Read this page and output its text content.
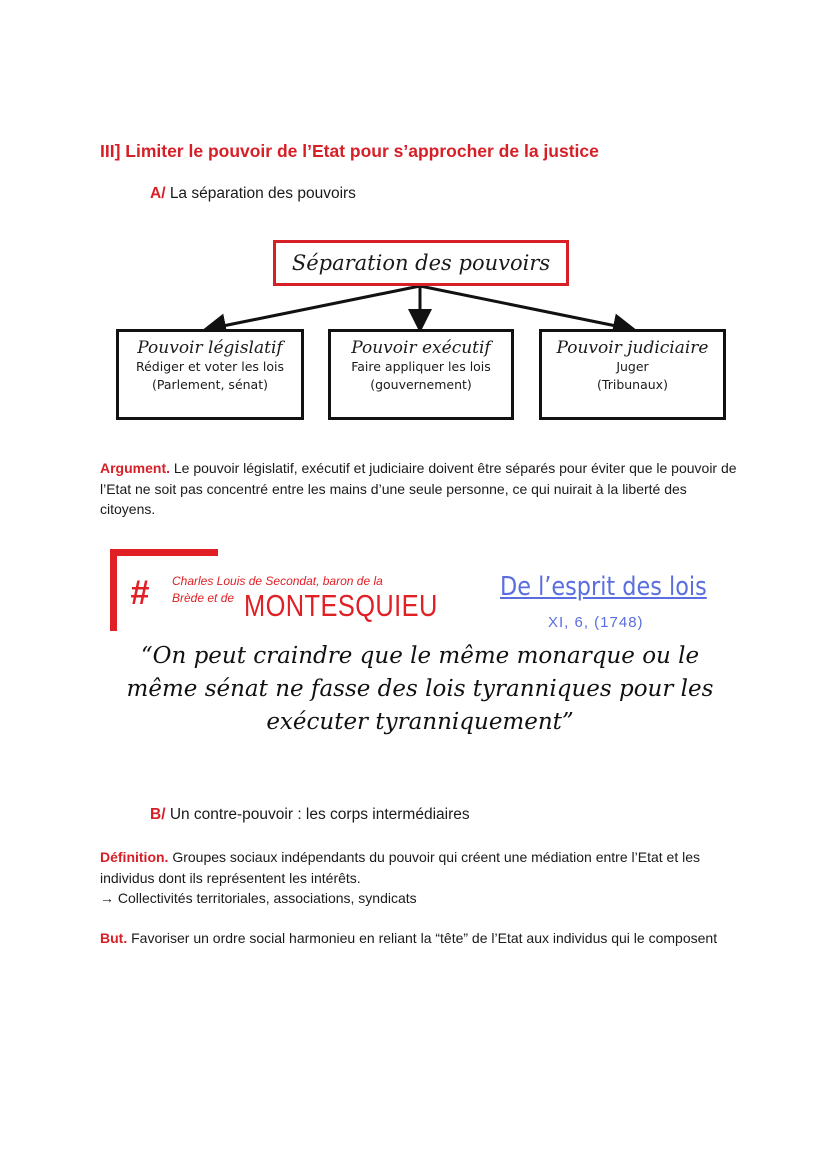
III] Limiter le pouvoir de l’Etat pour s’approcher de la justice
A/ La séparation des pouvoirs
Séparation des pouvoirs
Pouvoir législatif
Rédiger et voter les lois
(Parlement, sénat)
Pouvoir exécutif
Faire appliquer les lois
(gouvernement)
Pouvoir judiciaire
Juger
(Tribunaux)

Argument. Le pouvoir législatif, exécutif et judiciaire doivent être séparés pour éviter que le pouvoir de l’Etat ne soit pas concentré entre les mains d’une seule personne, ce qui nuirait à la liberté des citoyens.

# Charles Louis de Secondat, baron de la
Brède et de MONTESQUIEU
De l’esprit des lois
XI, 6, (1748)
“On peut craindre que le même monarque ou le même sénat ne fasse des lois tyranniques pour les exécuter tyranniquement”
B/ Un contre-pouvoir : les corps intermédiaires

Définition. Groupes sociaux indépendants du pouvoir qui créent une médiation entre l’Etat et les individus dont ils représentent les intérêts.
→ Collectivités territoriales, associations, syndicats

But. Favoriser un ordre social harmonieu en reliant la “tête” de l’Etat aux individus qui le composent
